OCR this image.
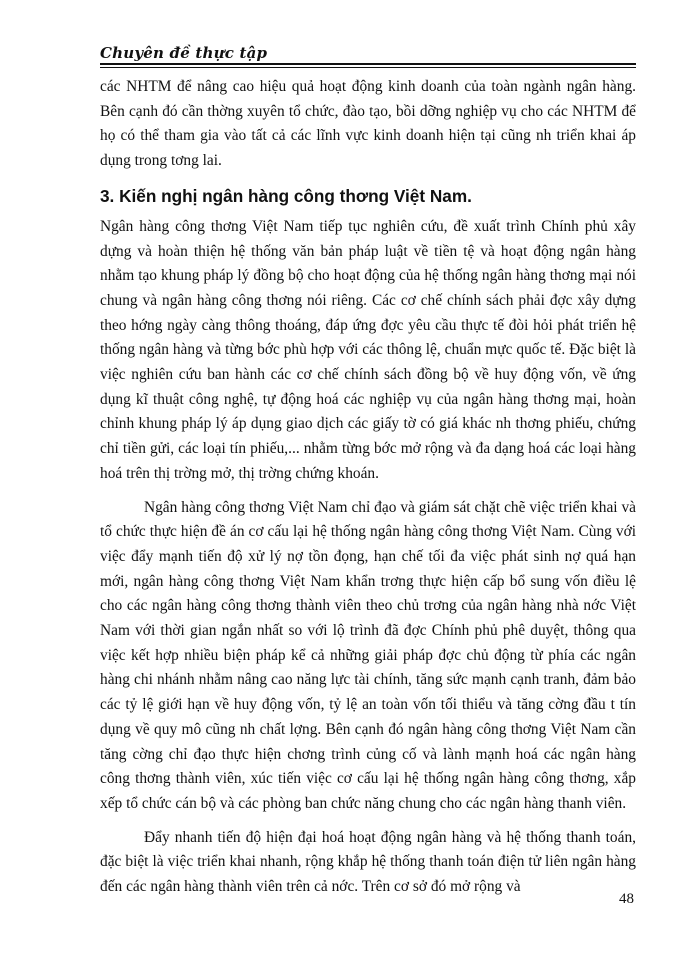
Chuyên đề thực tập

các NHTM để nâng cao hiệu quả hoạt động kinh doanh của toàn ngành ngân hàng. Bên cạnh đó cần thờng xuyên tổ chức, đào tạo, bồi dỡng nghiệp vụ cho các NHTM để họ có thể tham gia vào tất cả các lĩnh vực kinh doanh hiện tại cũng nh triển khai áp dụng trong tơng lai.

3. Kiến nghị ngân hàng công thơng Việt Nam.

Ngân hàng công thơng Việt Nam tiếp tục nghiên cứu, đề xuất trình Chính phủ xây dựng và hoàn thiện hệ thống văn bản pháp luật về tiền tệ và hoạt động ngân hàng nhằm tạo khung pháp lý đồng bộ cho hoạt động của hệ thống ngân hàng thơng mại nói chung và ngân hàng công thơng nói riêng. Các cơ chế chính sách phải đợc xây dựng theo hớng ngày càng thông thoáng, đáp ứng đợc yêu cầu thực tế đòi hỏi phát triển hệ thống ngân hàng và từng bớc phù hợp với các thông lệ, chuẩn mực quốc tế. Đặc biệt là việc nghiên cứu ban hành các cơ chế chính sách đồng bộ về huy động vốn, về ứng dụng kĩ thuật công nghệ, tự động hoá các nghiệp vụ của ngân hàng thơng mại, hoàn chỉnh khung pháp lý áp dụng giao dịch các giấy tờ có giá khác nh thơng phiếu, chứng chỉ tiền gửi, các loại tín phiếu,... nhằm từng bớc mở rộng và đa dạng hoá các loại hàng hoá trên thị trờng mở, thị trờng chứng khoán.

Ngân hàng công thơng Việt Nam chỉ đạo và giám sát chặt chẽ việc triển khai và tổ chức thực hiện đề án cơ cấu lại hệ thống ngân hàng công thơng Việt Nam. Cùng với việc đẩy mạnh tiến độ xử lý nợ tồn đọng, hạn chế tối đa việc phát sinh nợ quá hạn mới, ngân hàng công thơng Việt Nam khẩn trơng thực hiện cấp bổ sung vốn điều lệ cho các ngân hàng công thơng thành viên theo chủ trơng của ngân hàng nhà nớc Việt Nam với thời gian ngắn nhất so với lộ trình đã đợc Chính phủ phê duyệt, thông qua việc kết hợp nhiều biện pháp kể cả những giải pháp đợc chủ động từ phía các ngân hàng chi nhánh nhằm nâng cao năng lực tài chính, tăng sức mạnh cạnh tranh, đảm bảo các tỷ lệ giới hạn về huy động vốn, tỷ lệ an toàn vốn tối thiểu và tăng cờng đầu t tín dụng về quy mô cũng nh chất lợng. Bên cạnh đó ngân hàng công thơng Việt Nam cần tăng cờng chỉ đạo thực hiện chơng trình củng cố và lành mạnh hoá các ngân hàng công thơng thành viên, xúc tiến việc cơ cấu lại hệ thống ngân hàng công thơng, xắp xếp tổ chức cán bộ và các phòng ban chức năng chung cho các ngân hàng thanh viên.

Đẩy nhanh tiến độ hiện đại hoá hoạt động ngân hàng và hệ thống thanh toán, đặc biệt là việc triển khai nhanh, rộng khắp hệ thống thanh toán điện tử liên ngân hàng đến các ngân hàng thành viên trên cả nớc. Trên cơ sở đó mở rộng và

48
